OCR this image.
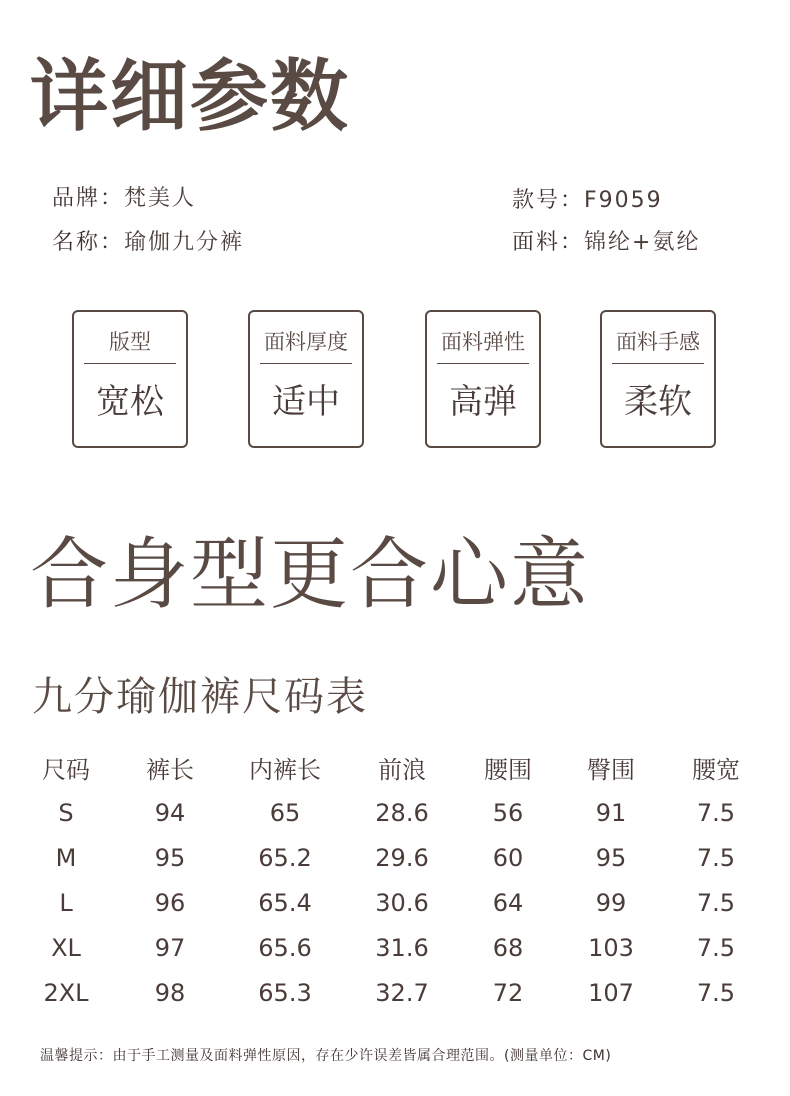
详细参数
品牌：梵美人
名称：瑜伽九分裤
款号：F9059
面料：锦纶+氨纶
版型
宽松
面料厚度
适中
面料弹性
高弹
面料手感
柔软
合身型更合心意
九分瑜伽裤尺码表
尺码	裤长	内裤长	前浪	腰围	臀围	腰宽
S	94	65	28.6	56	91	7.5
M	95	65.2	29.6	60	95	7.5
L	96	65.4	30.6	64	99	7.5
XL	97	65.6	31.6	68	103	7.5
2XL	98	65.3	32.7	72	107	7.5
温馨提示：由于手工测量及面料弹性原因，存在少许误差皆属合理范围。(测量单位：CM)
